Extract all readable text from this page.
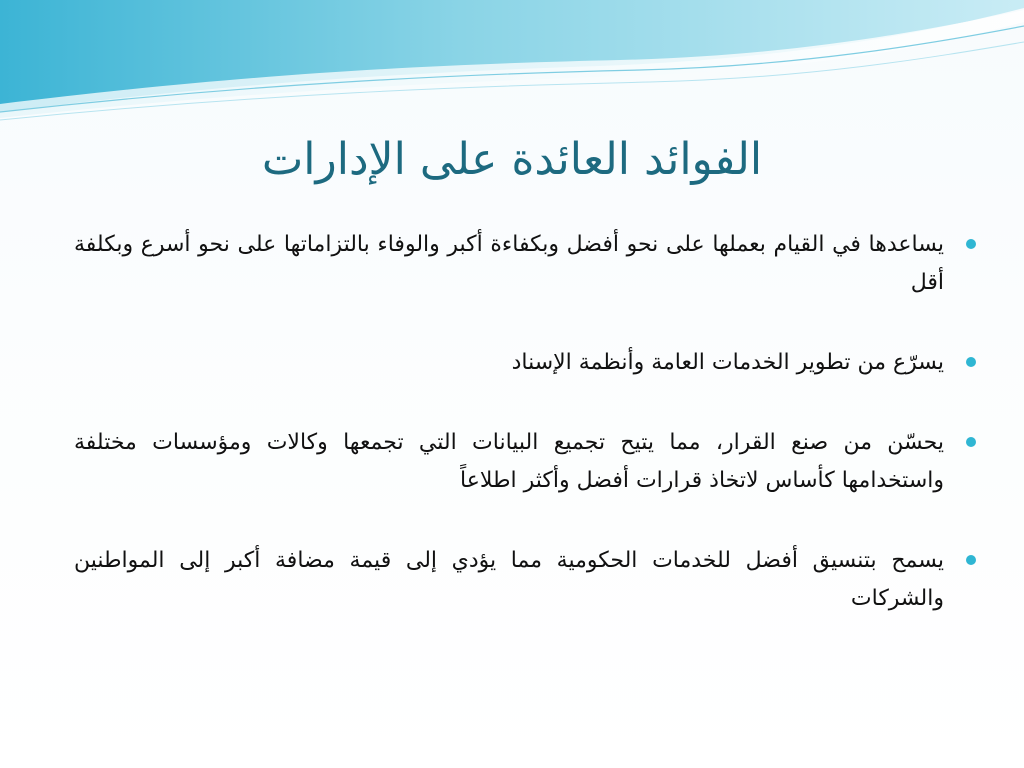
الفوائد العائدة على الإدارات
يساعدها في القيام بعملها على نحو أفضل وبكفاءة أكبر والوفاء بالتزاماتها على نحو أسرع وبكلفة أقل
يسرّع من تطوير الخدمات العامة وأنظمة الإسناد
يحسّن من صنع القرار، مما يتيح تجميع البيانات التي تجمعها وكالات ومؤسسات مختلفة واستخدامها كأساس لاتخاذ قرارات أفضل وأكثر اطلاعاً
يسمح بتنسيق أفضل للخدمات الحكومية مما يؤدي إلى قيمة مضافة أكبر إلى المواطنين والشركات
